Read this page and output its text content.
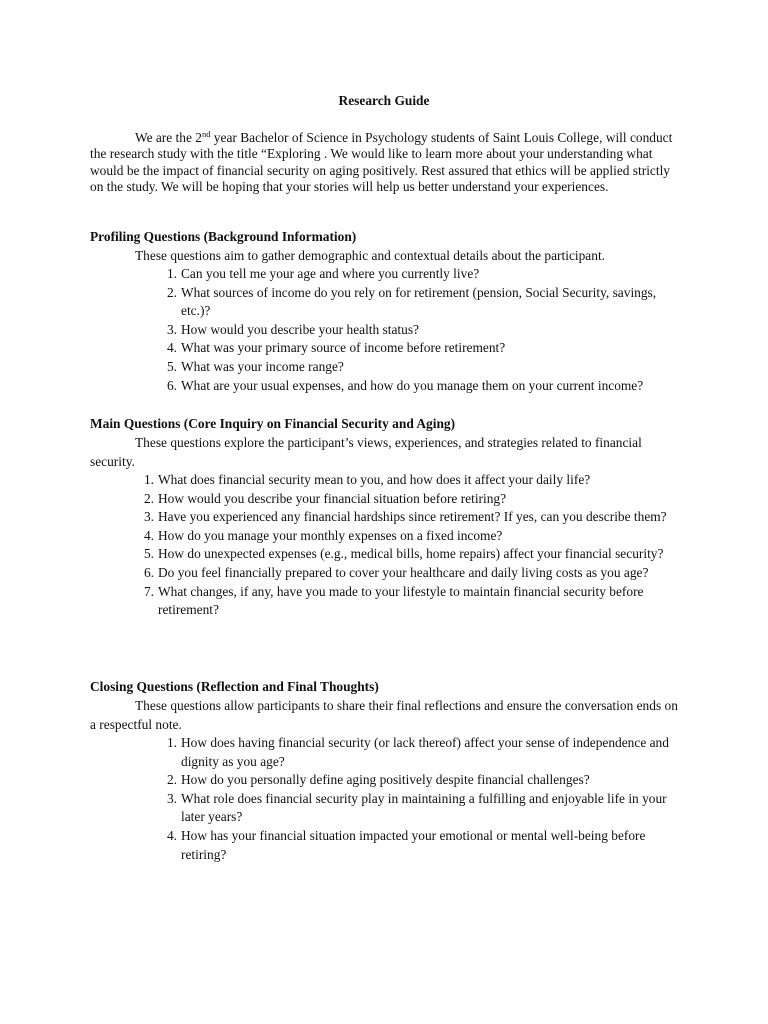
Research Guide
We are the 2nd year Bachelor of Science in Psychology students of Saint Louis College, will conduct the research study with the title “Exploring . We would like to learn more about your understanding what would be the impact of financial security on aging positively. Rest assured that ethics will be applied strictly on the study. We will be hoping that your stories will help us better understand your experiences.
Profiling Questions (Background Information)
These questions aim to gather demographic and contextual details about the participant.
1. Can you tell me your age and where you currently live?
2. What sources of income do you rely on for retirement (pension, Social Security, savings, etc.)?
3. How would you describe your health status?
4. What was your primary source of income before retirement?
5. What was your income range?
6. What are your usual expenses, and how do you manage them on your current income?
Main Questions (Core Inquiry on Financial Security and Aging)
These questions explore the participant’s views, experiences, and strategies related to financial security.
1. What does financial security mean to you, and how does it affect your daily life?
2. How would you describe your financial situation before retiring?
3. Have you experienced any financial hardships since retirement? If yes, can you describe them?
4. How do you manage your monthly expenses on a fixed income?
5. How do unexpected expenses (e.g., medical bills, home repairs) affect your financial security?
6. Do you feel financially prepared to cover your healthcare and daily living costs as you age?
7. What changes, if any, have you made to your lifestyle to maintain financial security before retirement?
Closing Questions (Reflection and Final Thoughts)
These questions allow participants to share their final reflections and ensure the conversation ends on a respectful note.
1. How does having financial security (or lack thereof) affect your sense of independence and dignity as you age?
2. How do you personally define aging positively despite financial challenges?
3. What role does financial security play in maintaining a fulfilling and enjoyable life in your later years?
4. How has your financial situation impacted your emotional or mental well-being before retiring?
